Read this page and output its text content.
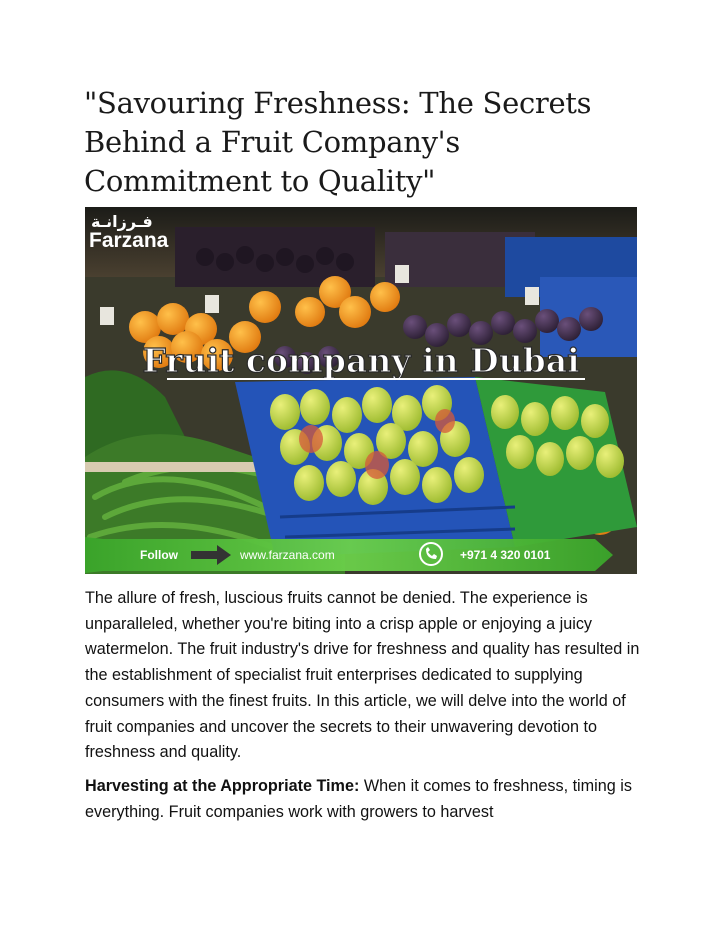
"Savouring Freshness: The Secrets Behind a Fruit Company's Commitment to Quality"
Fruit company in Dubai
فـرزانـة
Farzana
Follow	www.farzana.com	+971 4 320 0101

The allure of fresh, luscious fruits cannot be denied. The experience is unparalleled, whether you're biting into a crisp apple or enjoying a juicy watermelon. The fruit industry's drive for freshness and quality has resulted in the establishment of specialist fruit enterprises dedicated to supplying consumers with the finest fruits. In this article, we will delve into the world of fruit companies and uncover the secrets to their unwavering devotion to freshness and quality.

Harvesting at the Appropriate Time: When it comes to freshness, timing is everything. Fruit companies work with growers to harvest
